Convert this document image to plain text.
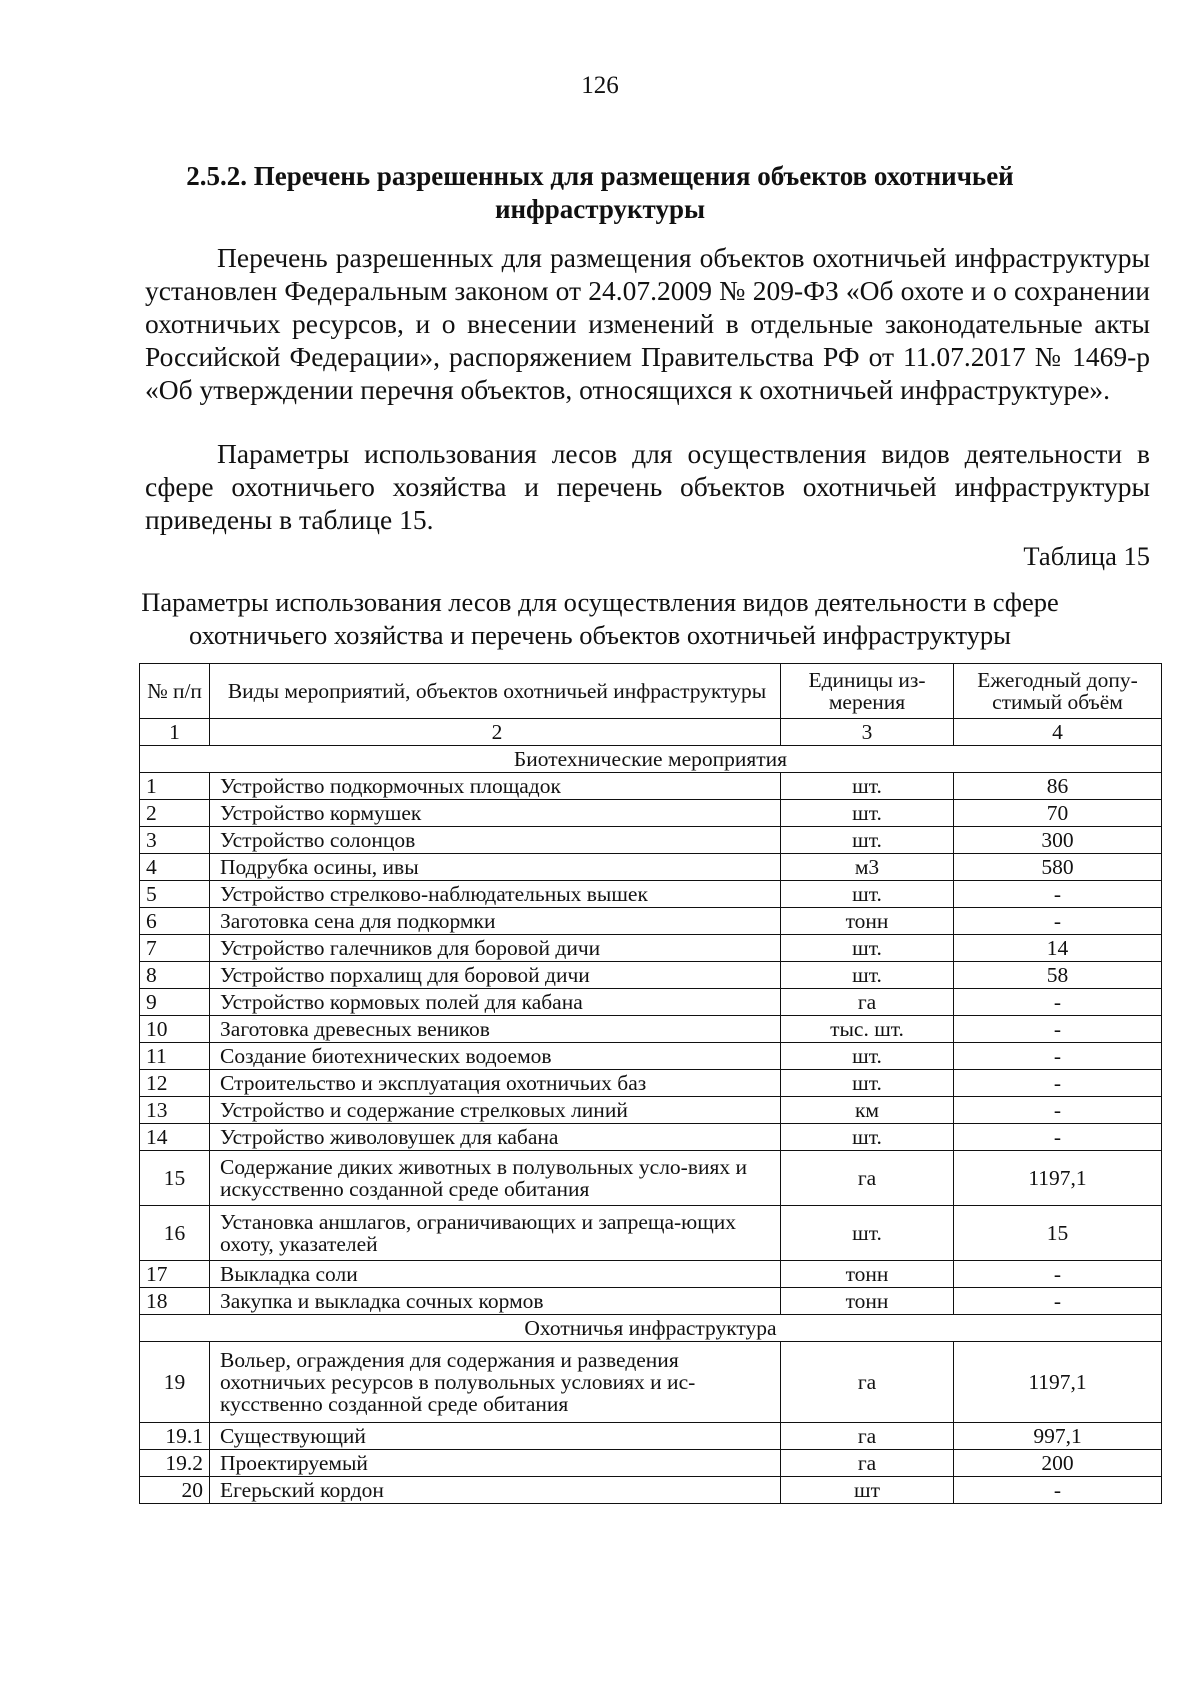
126
2.5.2. Перечень разрешенных для размещения объектов охотничьей инфраструктуры

Перечень разрешенных для размещения объектов охотничьей инфраструктуры установлен Федеральным законом от 24.07.2009 № 209-ФЗ «Об охоте и о сохранении охотничьих ресурсов, и о внесении изменений в отдельные законодательные акты Российской Федерации», распоряжением Правительства РФ от 11.07.2017 № 1469-р «Об утверждении перечня объектов, относящихся к охотничьей инфраструктуре».

Параметры использования лесов для осуществления видов деятельности в сфере охотничьего хозяйства и перечень объектов охотничьей инфраструктуры приведены в таблице 15.

Таблица 15
Параметры использования лесов для осуществления видов деятельности в сфере охотничьего хозяйства и перечень объектов охотничьей инфраструктуры
№ п/п	Виды мероприятий, объектов охотничьей инфраструктуры	Единицы из-мерения	Ежегодный допу-стимый объём
1	2	3	4
Биотехнические мероприятия			
1	Устройство подкормочных площадок	шт.	86
2	Устройство кормушек	шт.	70
3	Устройство солонцов	шт.	300
4	Подрубка осины, ивы	м3	580
5	Устройство стрелково-наблюдательных вышек	шт.	-
6	Заготовка сена для подкормки	тонн	-
7	Устройство галечников для боровой дичи	шт.	14
8	Устройство порхалищ для боровой дичи	шт.	58
9	Устройство кормовых полей для кабана	га	-
10	Заготовка древесных веников	тыс. шт.	-
11	Создание биотехнических водоемов	шт.	-
12	Строительство и эксплуатация охотничьих баз	шт.	-
13	Устройство и содержание стрелковых линий	км	-
14	Устройство живоловушек для кабана	шт.	-
15	Содержание диких животных в полувольных усло-виях и искусственно созданной среде обитания	га	1197,1
16	Установка аншлагов, ограничивающих и запреща-ющих охоту, указателей	шт.	15
17	Выкладка соли	тонн	-
18	Закупка и выкладка сочных кормов	тонн	-
Охотничья инфраструктура			
19	Вольер, ограждения для содержания и разведения охотничьих ресурсов в полувольных условиях и ис-кусственно созданной среде обитания	га	1197,1
19.1	Существующий	га	997,1
19.2	Проектируемый	га	200
20	Егерьский кордон	шт	-
